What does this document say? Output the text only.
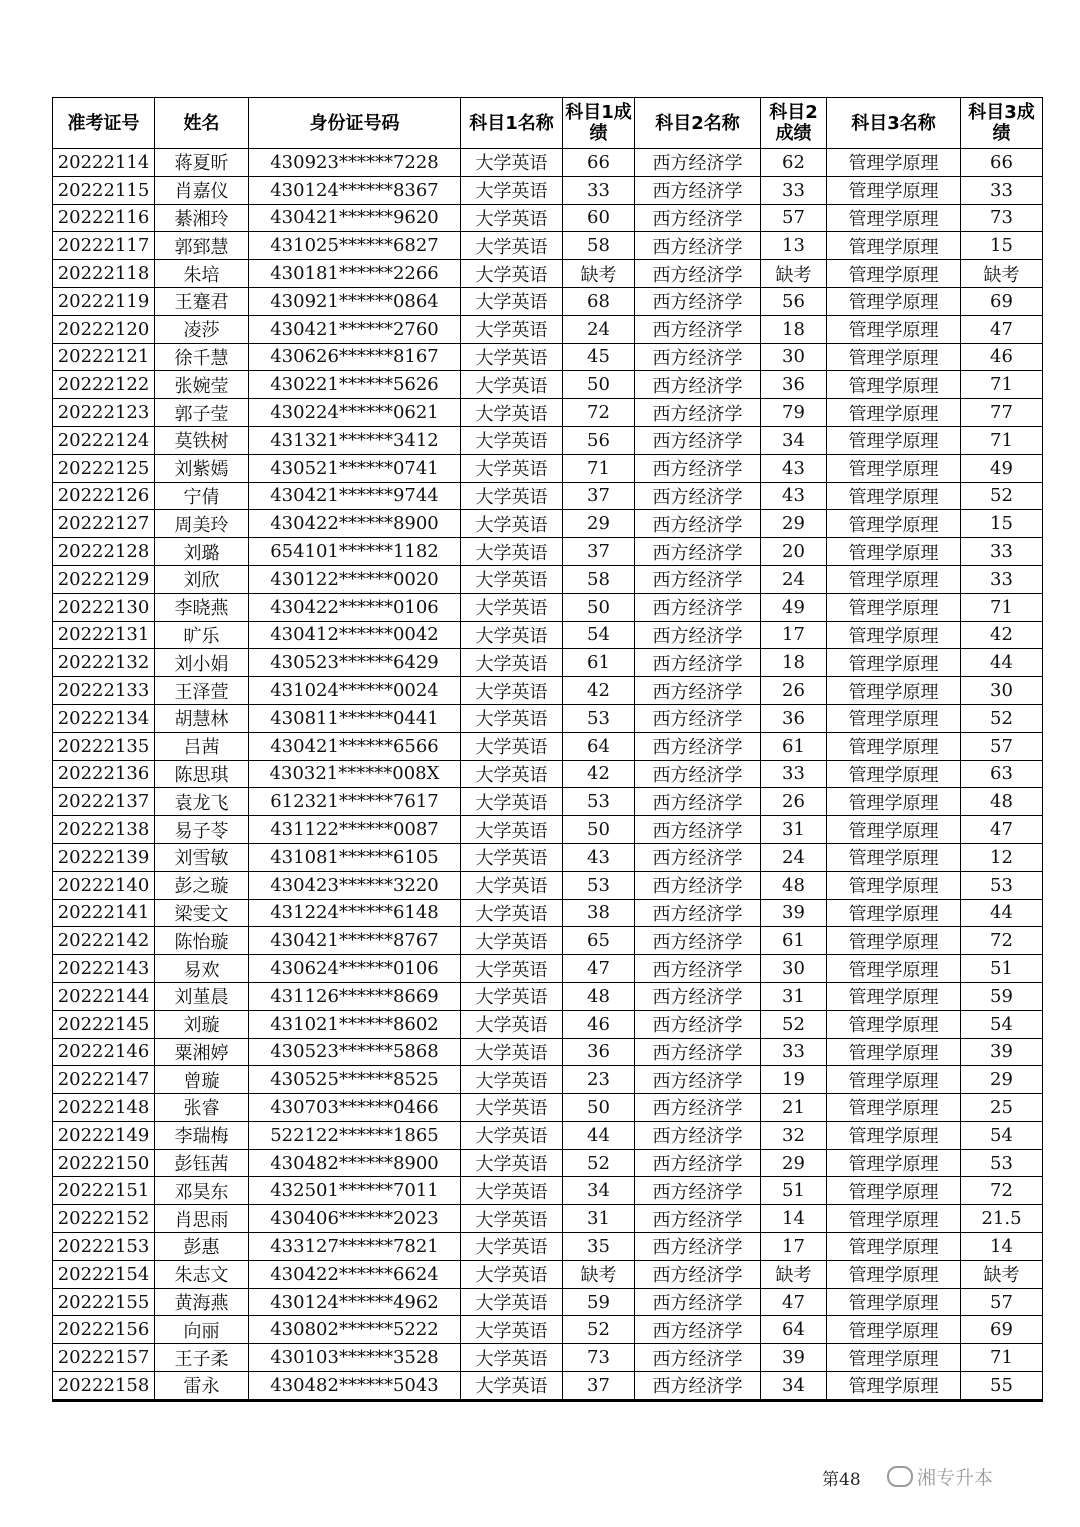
准考证号	姓名	身份证号码	科目1名称	科目1成绩	科目2名称	科目2成绩	科目3名称	科目3成绩
20222114	蒋夏昕	430923******7228	大学英语	66	西方经济学	62	管理学原理	66
20222115	肖嘉仪	430124******8367	大学英语	33	西方经济学	33	管理学原理	33
20222116	綦湘玲	430421******9620	大学英语	60	西方经济学	57	管理学原理	73
20222117	郭郅慧	431025******6827	大学英语	58	西方经济学	13	管理学原理	15
20222118	朱培	430181******2266	大学英语	缺考	西方经济学	缺考	管理学原理	缺考
20222119	王蹇君	430921******0864	大学英语	68	西方经济学	56	管理学原理	69
20222120	凌莎	430421******2760	大学英语	24	西方经济学	18	管理学原理	47
20222121	徐千慧	430626******8167	大学英语	45	西方经济学	30	管理学原理	46
20222122	张婉莹	430221******5626	大学英语	50	西方经济学	36	管理学原理	71
20222123	郭子莹	430224******0621	大学英语	72	西方经济学	79	管理学原理	77
20222124	莫铁树	431321******3412	大学英语	56	西方经济学	34	管理学原理	71
20222125	刘紫嫣	430521******0741	大学英语	71	西方经济学	43	管理学原理	49
20222126	宁倩	430421******9744	大学英语	37	西方经济学	43	管理学原理	52
20222127	周美玲	430422******8900	大学英语	29	西方经济学	29	管理学原理	15
20222128	刘璐	654101******1182	大学英语	37	西方经济学	20	管理学原理	33
20222129	刘欣	430122******0020	大学英语	58	西方经济学	24	管理学原理	33
20222130	李晓燕	430422******0106	大学英语	50	西方经济学	49	管理学原理	71
20222131	旷乐	430412******0042	大学英语	54	西方经济学	17	管理学原理	42
20222132	刘小娟	430523******6429	大学英语	61	西方经济学	18	管理学原理	44
20222133	王泽萱	431024******0024	大学英语	42	西方经济学	26	管理学原理	30
20222134	胡慧林	430811******0441	大学英语	53	西方经济学	36	管理学原理	52
20222135	吕茜	430421******6566	大学英语	64	西方经济学	61	管理学原理	57
20222136	陈思琪	430321******008X	大学英语	42	西方经济学	33	管理学原理	63
20222137	袁龙飞	612321******7617	大学英语	53	西方经济学	26	管理学原理	48
20222138	易子苓	431122******0087	大学英语	50	西方经济学	31	管理学原理	47
20222139	刘雪敏	431081******6105	大学英语	43	西方经济学	24	管理学原理	12
20222140	彭之璇	430423******3220	大学英语	53	西方经济学	48	管理学原理	53
20222141	梁雯文	431224******6148	大学英语	38	西方经济学	39	管理学原理	44
20222142	陈怡璇	430421******8767	大学英语	65	西方经济学	61	管理学原理	72
20222143	易欢	430624******0106	大学英语	47	西方经济学	30	管理学原理	51
20222144	刘堇晨	431126******8669	大学英语	48	西方经济学	31	管理学原理	59
20222145	刘璇	431021******8602	大学英语	46	西方经济学	52	管理学原理	54
20222146	粟湘婷	430523******5868	大学英语	36	西方经济学	33	管理学原理	39
20222147	曾璇	430525******8525	大学英语	23	西方经济学	19	管理学原理	29
20222148	张睿	430703******0466	大学英语	50	西方经济学	21	管理学原理	25
20222149	李瑞梅	522122******1865	大学英语	44	西方经济学	32	管理学原理	54
20222150	彭钰茜	430482******8900	大学英语	52	西方经济学	29	管理学原理	53
20222151	邓昊东	432501******7011	大学英语	34	西方经济学	51	管理学原理	72
20222152	肖思雨	430406******2023	大学英语	31	西方经济学	14	管理学原理	21.5
20222153	彭惠	433127******7821	大学英语	35	西方经济学	17	管理学原理	14
20222154	朱志文	430422******6624	大学英语	缺考	西方经济学	缺考	管理学原理	缺考
20222155	黄海燕	430124******4962	大学英语	59	西方经济学	47	管理学原理	57
20222156	向丽	430802******5222	大学英语	52	西方经济学	64	管理学原理	69
20222157	王子柔	430103******3528	大学英语	73	西方经济学	39	管理学原理	71
20222158	雷永	430482******5043	大学英语	37	西方经济学	34	管理学原理	55
第48	湘专升本
